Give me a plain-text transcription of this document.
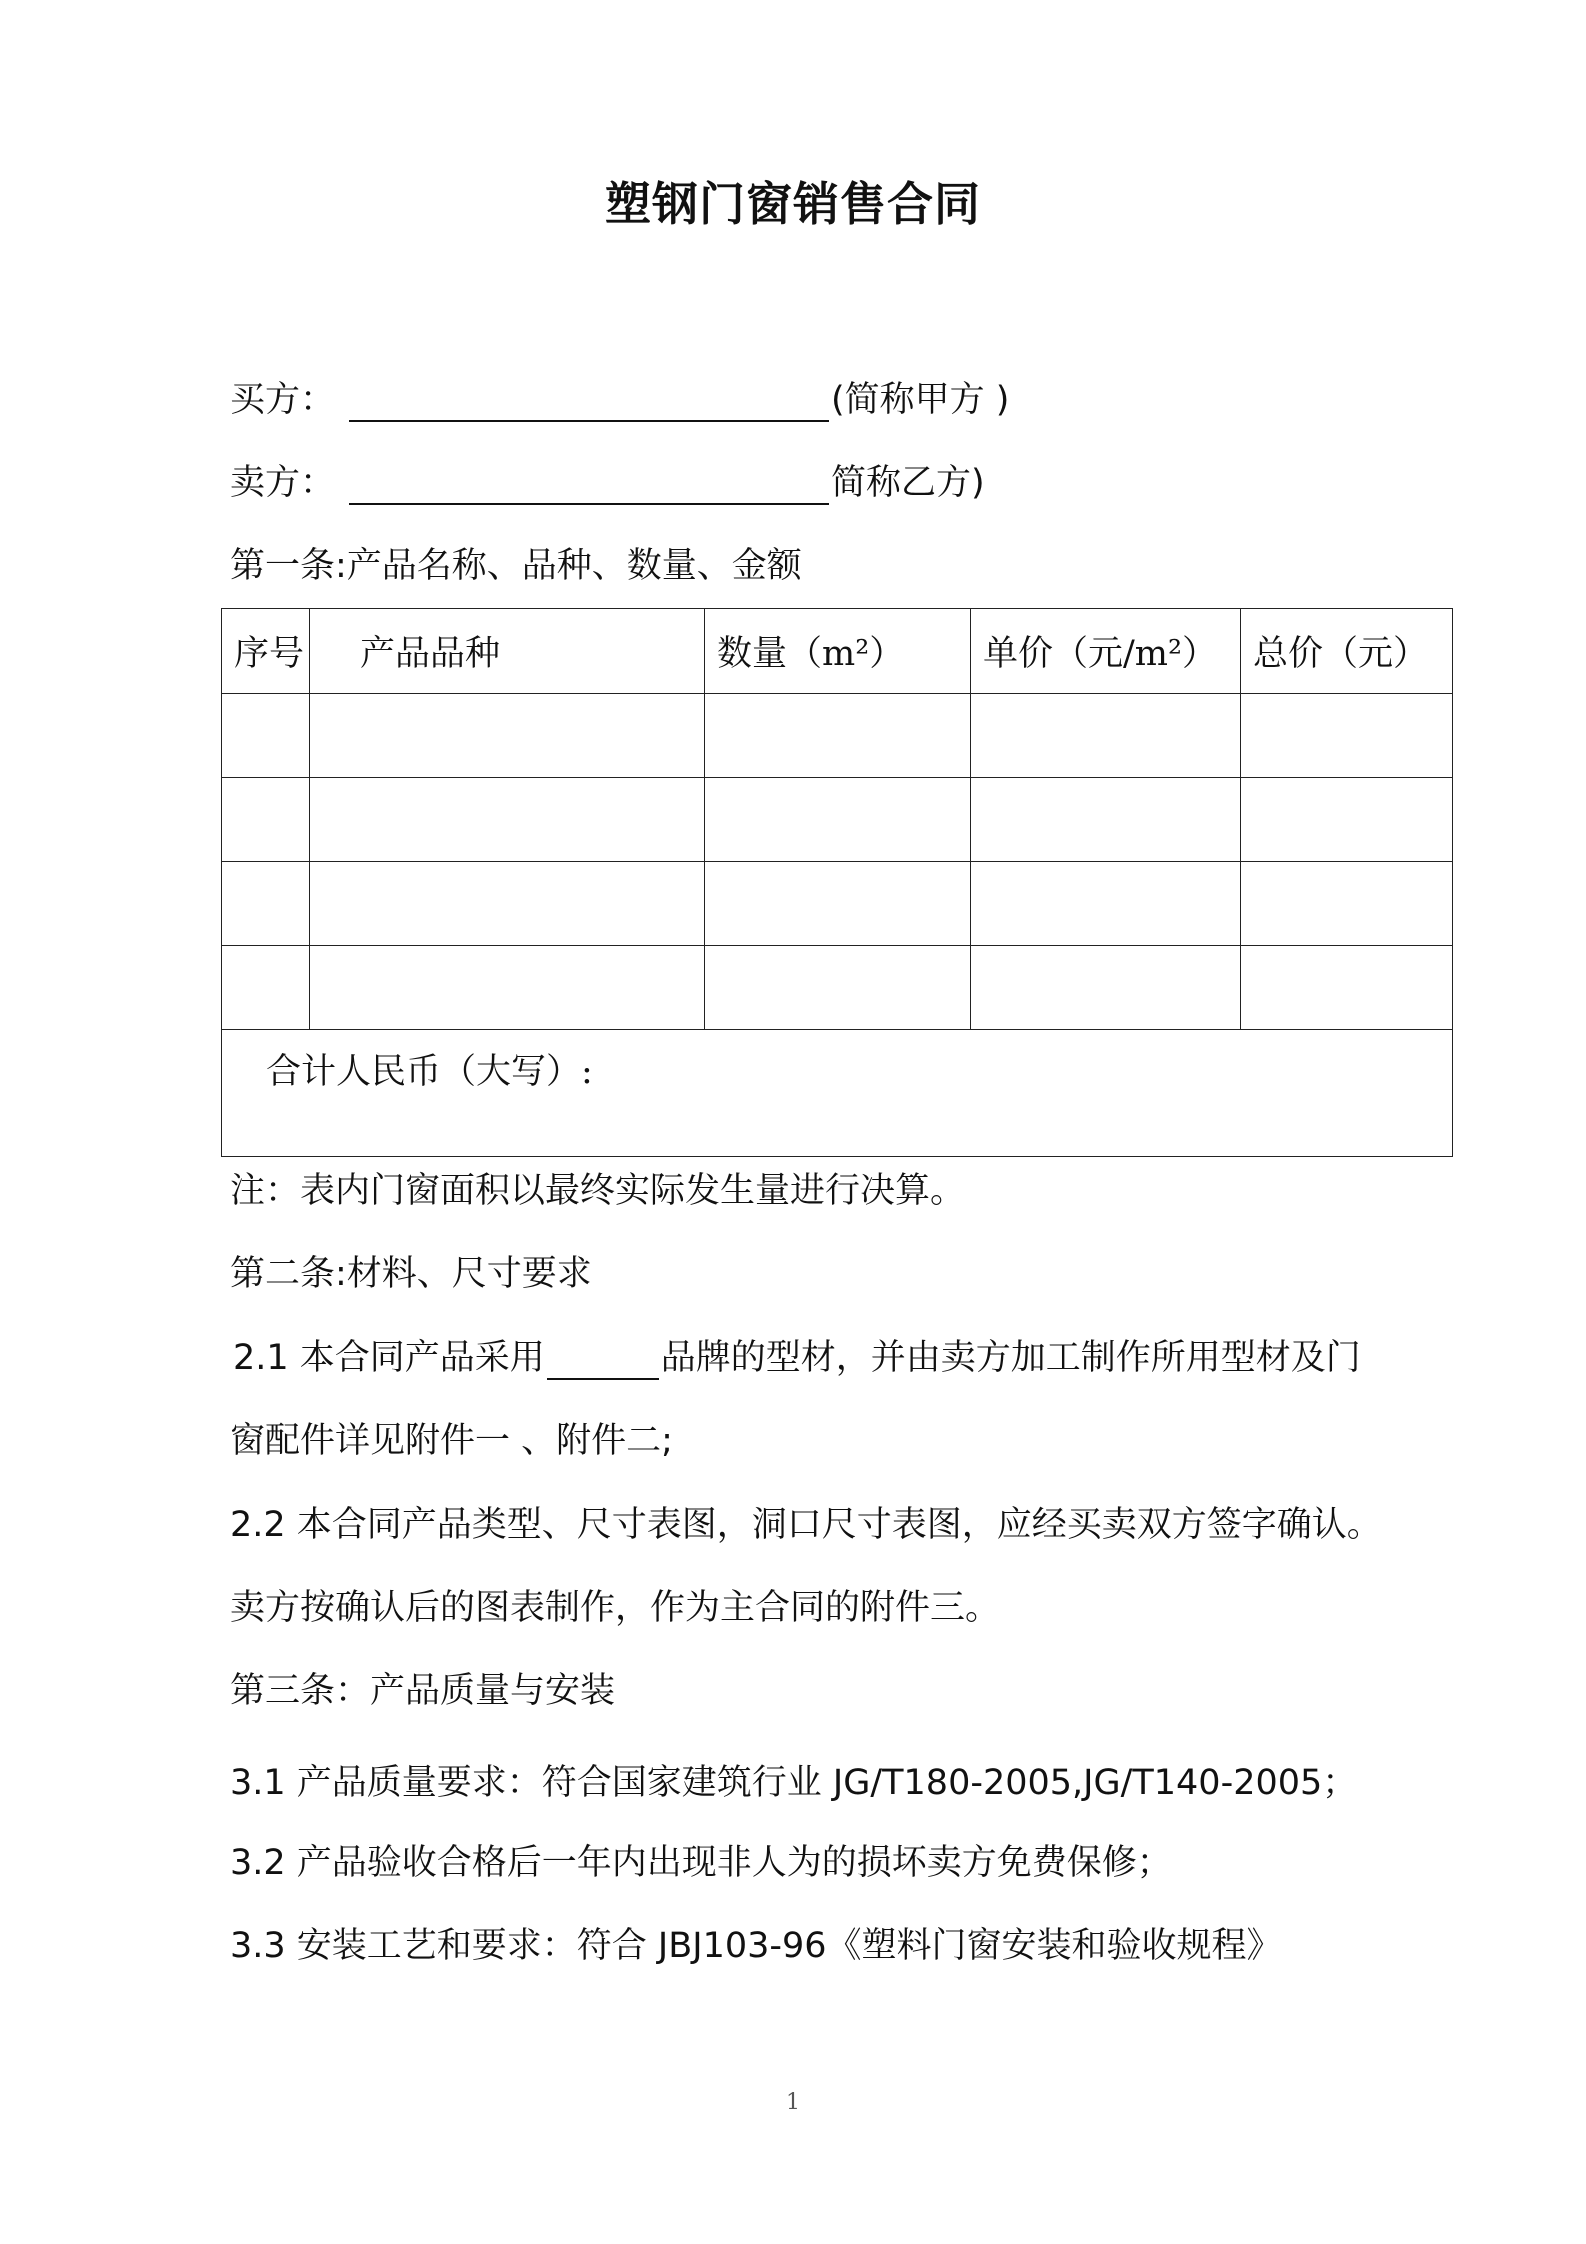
塑钢门窗销售合同
买方：	(简称甲方 )
卖方：	简称乙方)
第一条:产品名称、品种、数量、金额
序号	产品品种	数量（m²）	单价（元/m²）	总价（元）

合计人民币（大写）:				
注：表内门窗面积以最终实际发生量进行决算。
第二条:材料、尺寸要求
2.1 本合同产品采用	品牌的型材，并由卖方加工制作所用型材及门
窗配件详见附件一 、附件二;
2.2 本合同产品类型、尺寸表图，洞口尺寸表图，应经买卖双方签字确认。
卖方按确认后的图表制作，作为主合同的附件三。
第三条：产品质量与安装
3.1 产品质量要求：符合国家建筑行业 JG/T180-2005,JG/T140-2005；
3.2 产品验收合格后一年内出现非人为的损坏卖方免费保修；
3.3 安装工艺和要求：符合 JBJ103-96《塑料门窗安装和验收规程》
1
